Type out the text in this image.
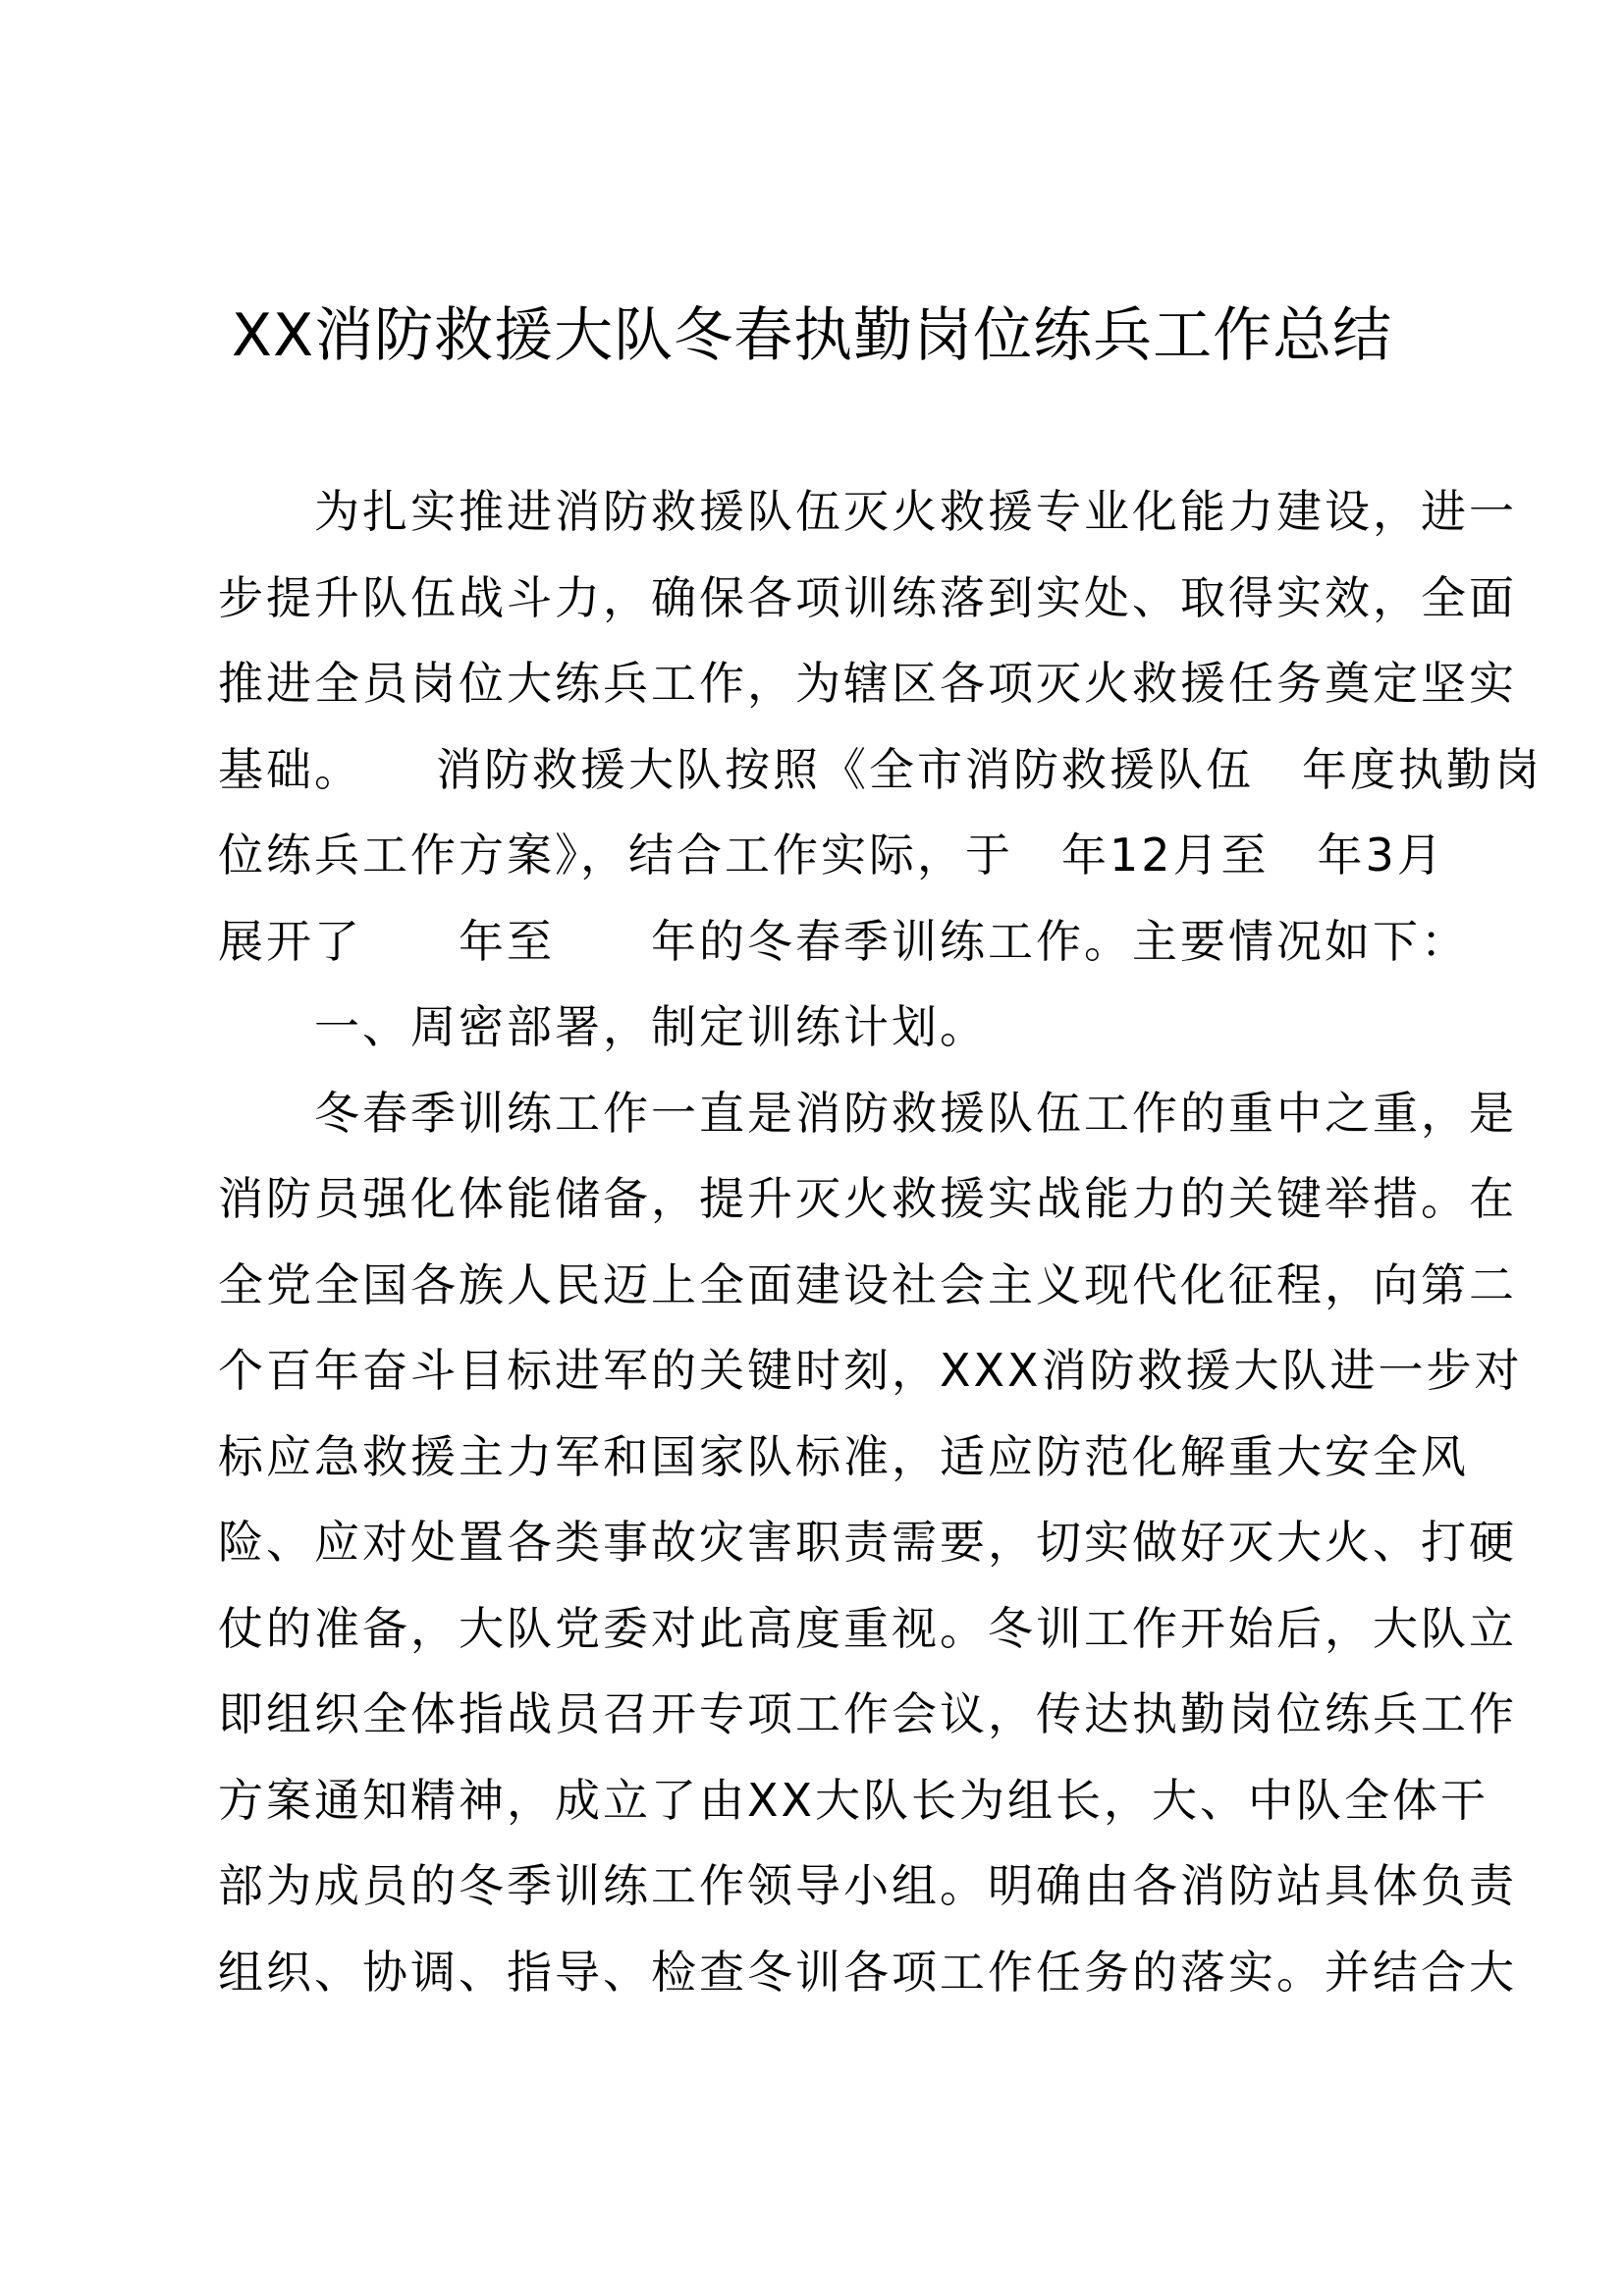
XX消防救援大队冬春执勤岗位练兵工作总结
　　为扎实推进消防救援队伍灭火救援专业化能力建设，进一
步提升队伍战斗力，确保各项训练落到实处、取得实效，全面
推进全员岗位大练兵工作，为辖区各项灭火救援任务奠定坚实
基础。　　消防救援大队按照《全市消防救援队伍　年度执勤岗
位练兵工作方案》，结合工作实际，于　年12月至　年3月
展开了　　年至　　年的冬春季训练工作。主要情况如下：
　　一、周密部署，制定训练计划。
　　冬春季训练工作一直是消防救援队伍工作的重中之重，是
消防员强化体能储备，提升灭火救援实战能力的关键举措。在
全党全国各族人民迈上全面建设社会主义现代化征程，向第二
个百年奋斗目标进军的关键时刻，XXX消防救援大队进一步对
标应急救援主力军和国家队标准，适应防范化解重大安全风
险、应对处置各类事故灾害职责需要，切实做好灭大火、打硬
仗的准备，大队党委对此高度重视。冬训工作开始后，大队立
即组织全体指战员召开专项工作会议，传达执勤岗位练兵工作
方案通知精神，成立了由XX大队长为组长，大、中队全体干
部为成员的冬季训练工作领导小组。明确由各消防站具体负责
组织、协调、指导、检查冬训各项工作任务的落实。并结合大
